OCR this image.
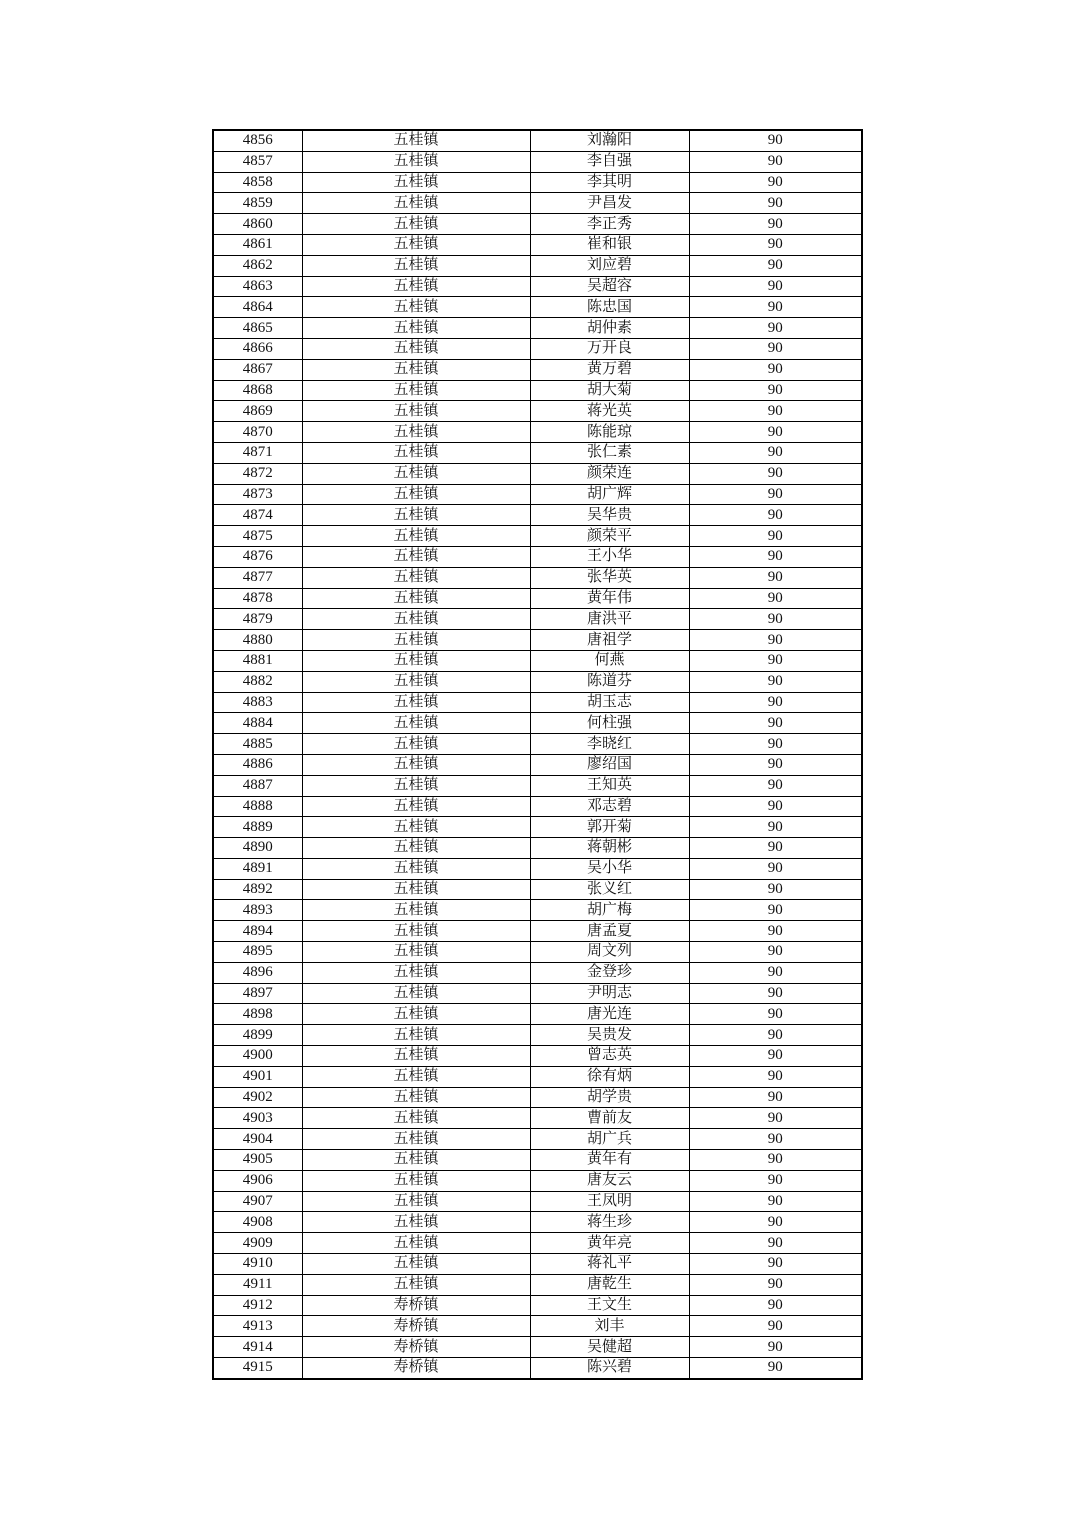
4856	五桂镇	刘瀚阳	90
4857	五桂镇	李自强	90
4858	五桂镇	李其明	90
4859	五桂镇	尹昌发	90
4860	五桂镇	李正秀	90
4861	五桂镇	崔和银	90
4862	五桂镇	刘应碧	90
4863	五桂镇	吴超容	90
4864	五桂镇	陈忠国	90
4865	五桂镇	胡仲素	90
4866	五桂镇	万开良	90
4867	五桂镇	黄万碧	90
4868	五桂镇	胡大菊	90
4869	五桂镇	蒋光英	90
4870	五桂镇	陈能琼	90
4871	五桂镇	张仁素	90
4872	五桂镇	颜荣连	90
4873	五桂镇	胡广辉	90
4874	五桂镇	吴华贵	90
4875	五桂镇	颜荣平	90
4876	五桂镇	王小华	90
4877	五桂镇	张华英	90
4878	五桂镇	黄年伟	90
4879	五桂镇	唐洪平	90
4880	五桂镇	唐祖学	90
4881	五桂镇	何燕	90
4882	五桂镇	陈道芬	90
4883	五桂镇	胡玉志	90
4884	五桂镇	何柱强	90
4885	五桂镇	李晓红	90
4886	五桂镇	廖绍国	90
4887	五桂镇	王知英	90
4888	五桂镇	邓志碧	90
4889	五桂镇	郭开菊	90
4890	五桂镇	蒋朝彬	90
4891	五桂镇	吴小华	90
4892	五桂镇	张义红	90
4893	五桂镇	胡广梅	90
4894	五桂镇	唐孟夏	90
4895	五桂镇	周文列	90
4896	五桂镇	金登珍	90
4897	五桂镇	尹明志	90
4898	五桂镇	唐光连	90
4899	五桂镇	吴贵发	90
4900	五桂镇	曾志英	90
4901	五桂镇	徐有炳	90
4902	五桂镇	胡学贵	90
4903	五桂镇	曹前友	90
4904	五桂镇	胡广兵	90
4905	五桂镇	黄年有	90
4906	五桂镇	唐友云	90
4907	五桂镇	王凤明	90
4908	五桂镇	蒋生珍	90
4909	五桂镇	黄年亮	90
4910	五桂镇	蒋礼平	90
4911	五桂镇	唐乾生	90
4912	寿桥镇	王文生	90
4913	寿桥镇	刘丰	90
4914	寿桥镇	吴健超	90
4915	寿桥镇	陈兴碧	90
